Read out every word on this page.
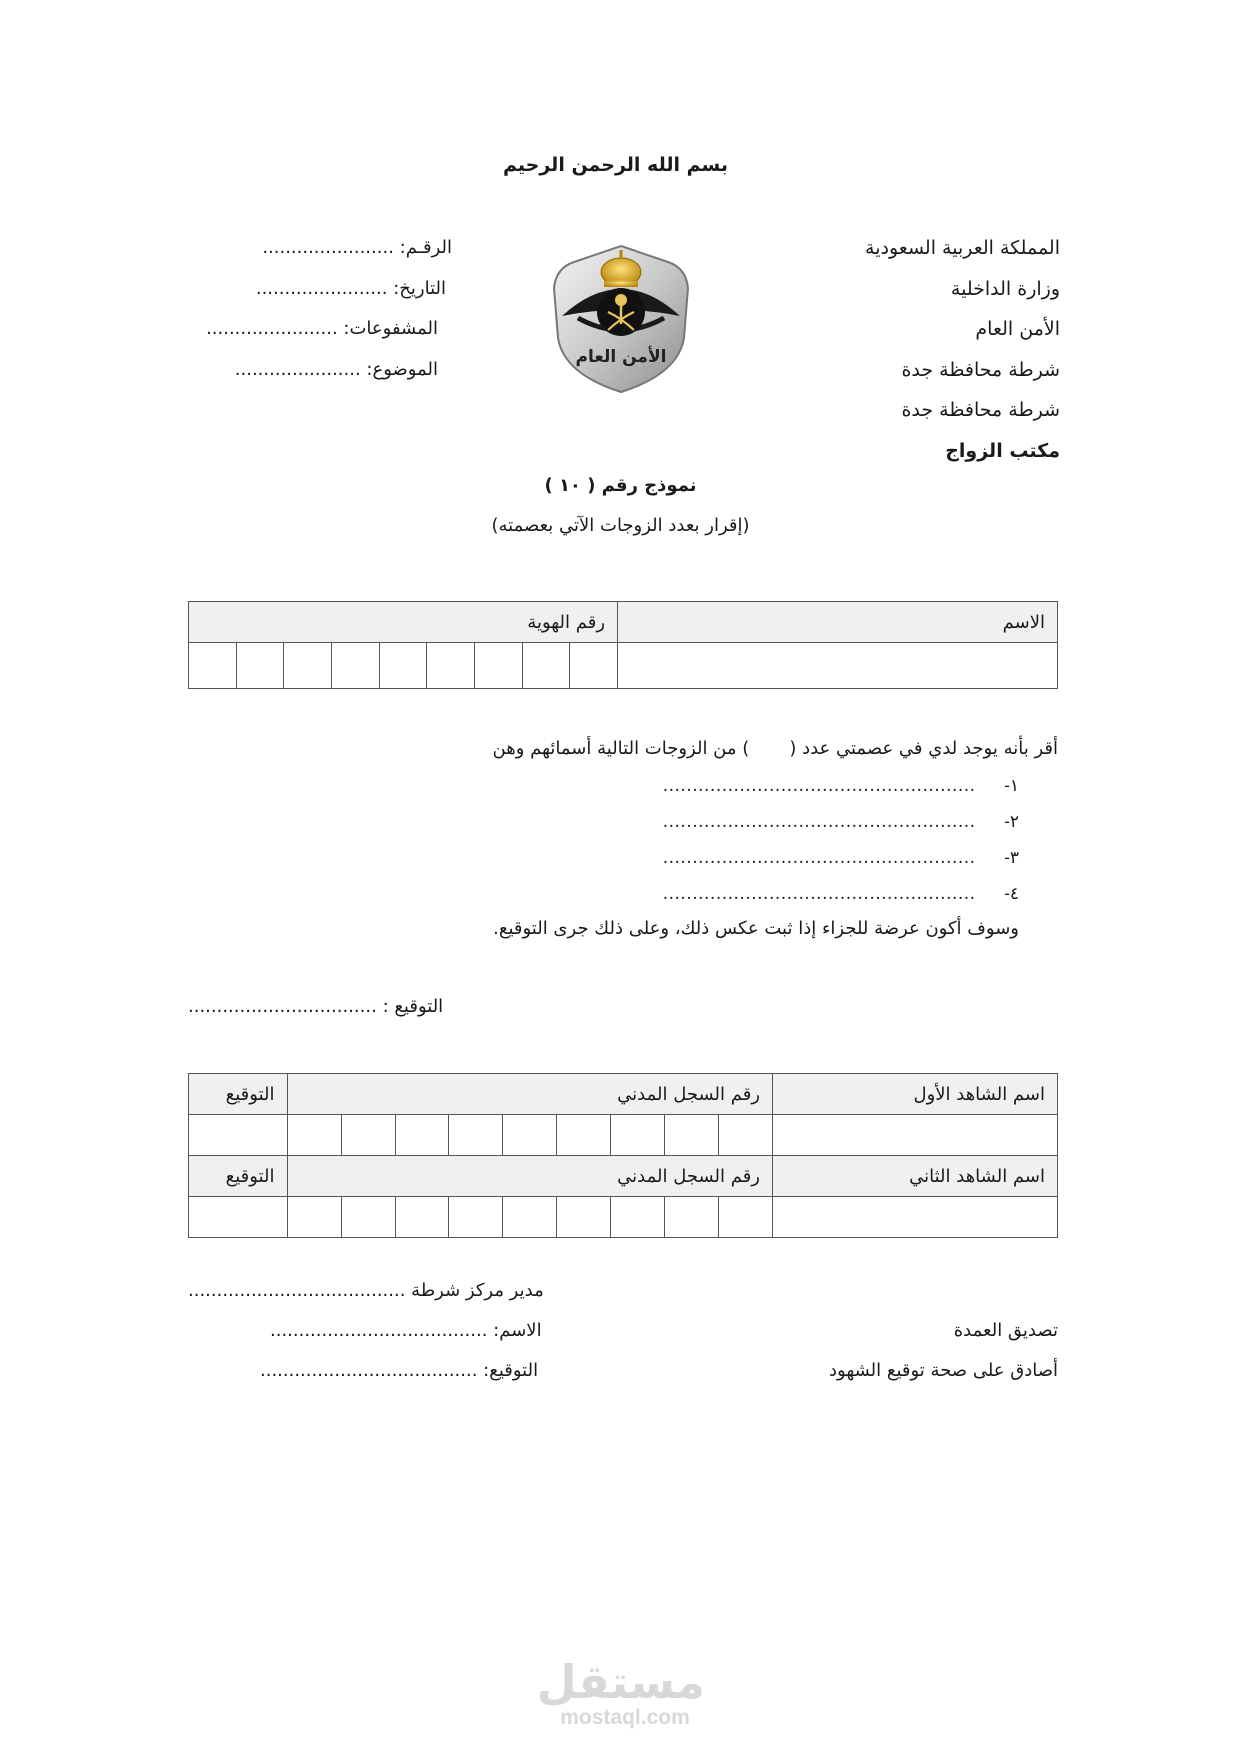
بسم الله الرحمن الرحيم
المملكة العربية السعودية
وزارة الداخلية
الأمن العام
شرطة محافظة جدة
شرطة محافظة جدة
مكتب الزواج
الأمن العام
الرقـم: .......................
التاريخ: .......................
المشفوعات: .......................
الموضوع: ......................
نموذج رقم ( ١٠ )
(إقرار بعدد الزوجات الآتي بعصمته)
الاسم	رقم الهوية								

أقر بأنه يوجد لدي في عصمتي عدد (       ) من الزوجات التالية أسمائهم وهن
١- .....................................................
٢- .....................................................
٣- .....................................................
٤- .....................................................
وسوف أكون عرضة للجزاء إذا ثبت عكس ذلك، وعلى ذلك جرى التوقيع.
التوقيع : .................................
اسم الشاهد الأول	رقم السجل المدني									التوقيع

اسم الشاهد الثاني	رقم السجل المدني									التوقيع

مدير مركز شرطة ......................................
الاسم: ......................................
التوقيع: ......................................
تصديق العمدة
أصادق على صحة توقيع الشهود
مستقل
mostaql.com
